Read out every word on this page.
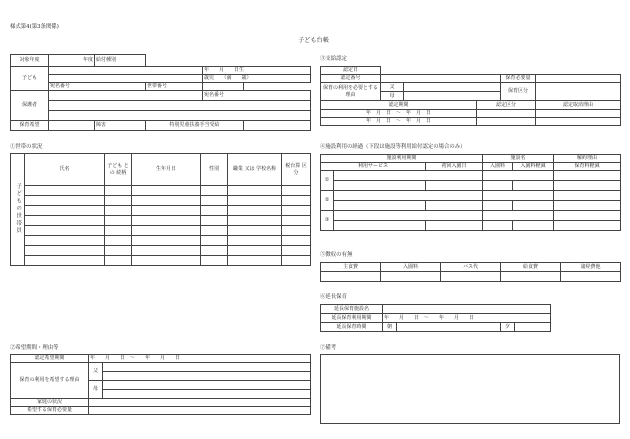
様式第4(第3条関係)
子ども台帳
対象年度	年度	給付種別			
子ども				年　　月　　日生	
				歳児　　（満　　歳）	
	宛名番号		世帯番号		
保護者				宛名番号	

保育希望		障害	特別児童扶養手当受給		
③支給認定
認定日					
認定番号				保育必要量	
保育の利用を必要とする理由	父			保育区分	
	母				
認定期間			認定区分		認定取消理由
年　月　日　～　年　月　日					
年　月　日　～　年　月　日					
①世帯の状況
子どもの世帯員	氏名	子ども との 続柄	生年月日	性別	職業 又は 学校名称	税台算 区分

④施設利用の経過（下段は施設等利用給付認定の場合のみ）
施設利用期間			施設名		解約理由
利用サービス		初回入園日	入園料	入園料軽減	保育料軽減
①					

②					

③					

⑤徴収の有無
主食費	入園料	バス代	給食費	諸経費他

⑥延長保育
延長保育施設名				
延長保育利用期間	年　　月　　日　～　　年　　月　　日			
延長保育時間	朝		夕	
②希望期間・理由等
認定希望期間	年　　月　　日　～　　年　　月　　日	
保育の利用を希望する理由	父	

	母	

家庭の状況		
希望する保育必要量		
⑦備考
